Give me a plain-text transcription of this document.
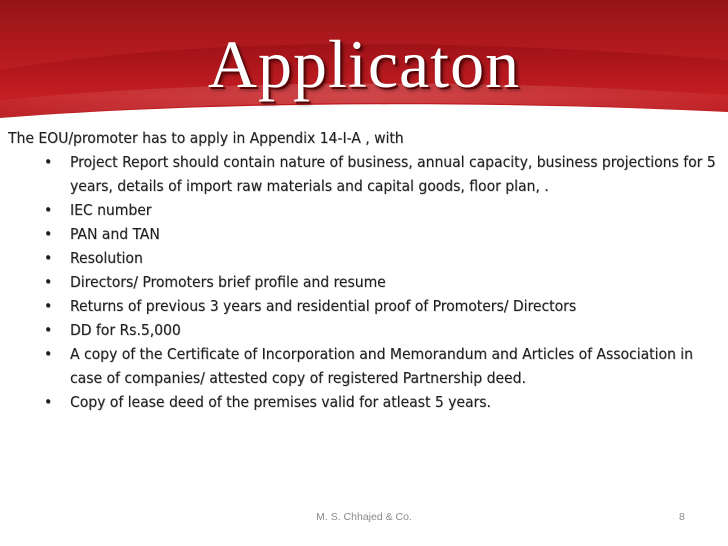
Applicaton

The EOU/promoter has to apply in Appendix 14-I-A , with

• Project Report should contain nature of business, annual capacity, business projections for 5 years, details of import raw materials and capital goods, floor plan, .
• IEC number
• PAN and TAN
• Resolution
• Directors/ Promoters brief profile and resume
• Returns of previous 3 years and residential proof of Promoters/ Directors
• DD for Rs.5,000
• A copy of the Certificate of Incorporation and Memorandum and Articles of Association in case of companies/ attested copy of registered Partnership deed.
• Copy of lease deed of the premises valid for atleast 5 years.
M. S. Chhajed & Co.	8
